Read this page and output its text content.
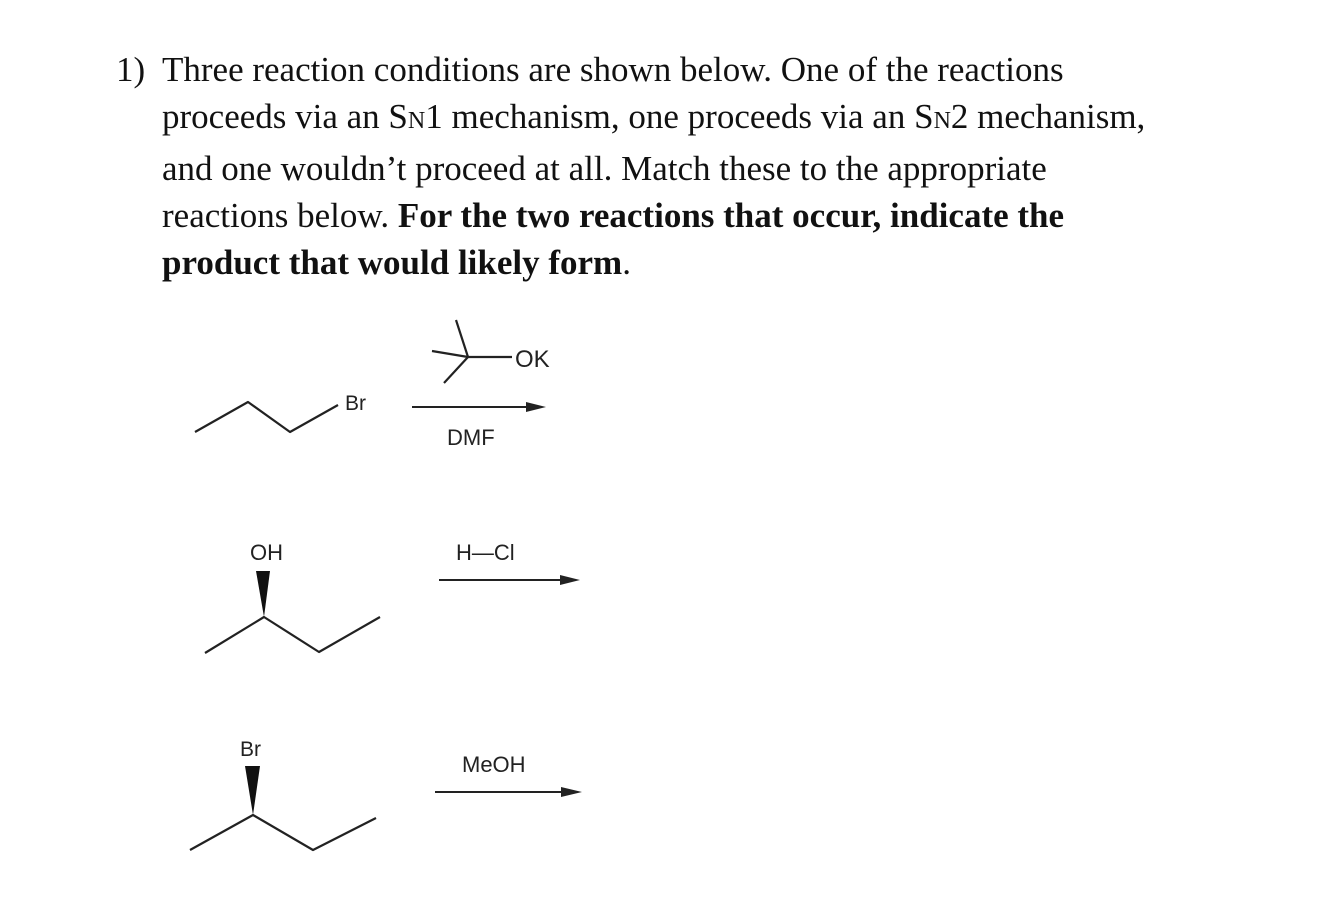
1) Three reaction conditions are shown below. One of the reactions
proceeds via an SN1 mechanism, one proceeds via an SN2 mechanism,
and one wouldn’t proceed at all. Match these to the appropriate
reactions below. For the two reactions that occur, indicate the
product that would likely form.
Br
OK
DMF
OH	H—Cl
Br
MeOH
